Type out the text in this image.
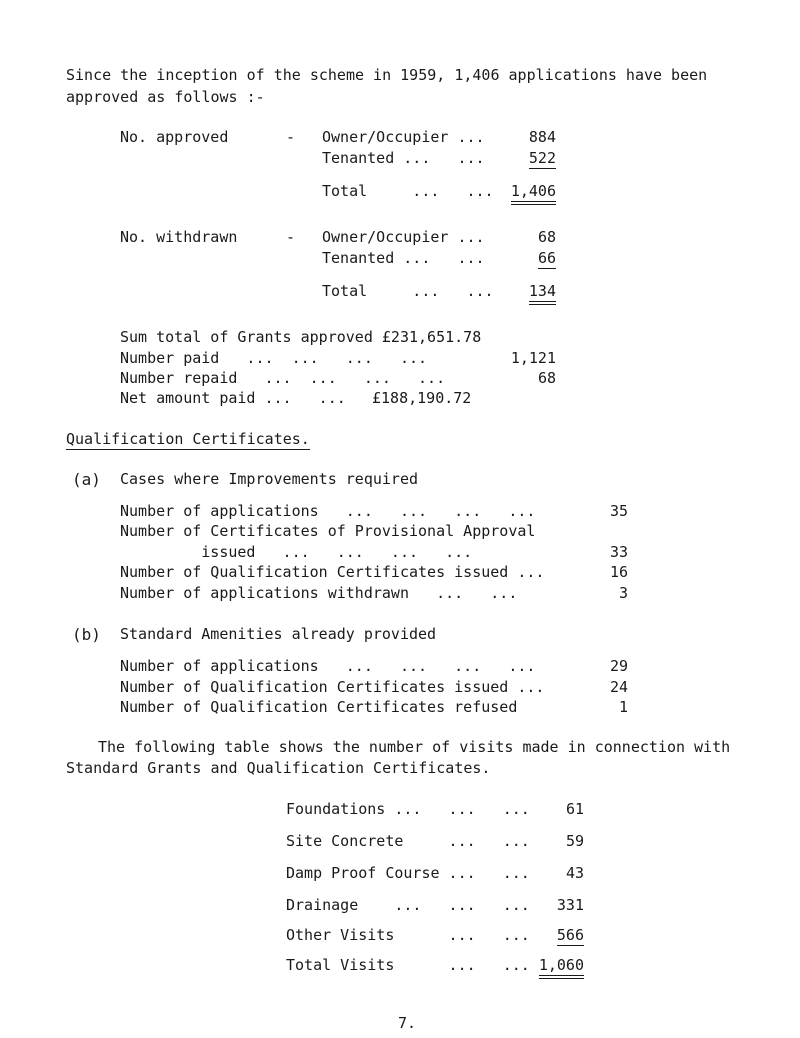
Since the inception of the scheme in 1959, 1,406 applications have been
approved as follows :-
No. approved	- Owner/Occupier ...	884
Tenanted ...   ...	522
Total     ...   ...	1,406
No. withdrawn	- Owner/Occupier ...	68
Tenanted ...   ...	66
Total     ...   ...	134
Sum total of Grants approved £231,651.78
Number paid   ...  ...   ...   ...	1,121
Number repaid   ...  ...   ...   ...	68
Net amount paid ...   ... £188,190.72
Qualification Certificates.
(a) Cases where Improvements required
Number of applications   ...   ...   ...   ...	35
Number of Certificates of Provisional Approval
issued   ...   ...   ...   ...	33
Number of Qualification Certificates issued ...	16
Number of applications withdrawn   ...   ...	3
(b) Standard Amenities already provided
Number of applications   ...   ...   ...   ...	29
Number of Qualification Certificates issued ...	24
Number of Qualification Certificates refused	1
The following table shows the number of visits made in connection with
Standard Grants and Qualification Certificates.
Foundations ...   ...   ...	61
Site Concrete     ...   ...	59
Damp Proof Course ...   ...	43
Drainage    ...   ...   ...	331
Other Visits      ...   ...	566
Total Visits      ...   ... 1,060
7.
